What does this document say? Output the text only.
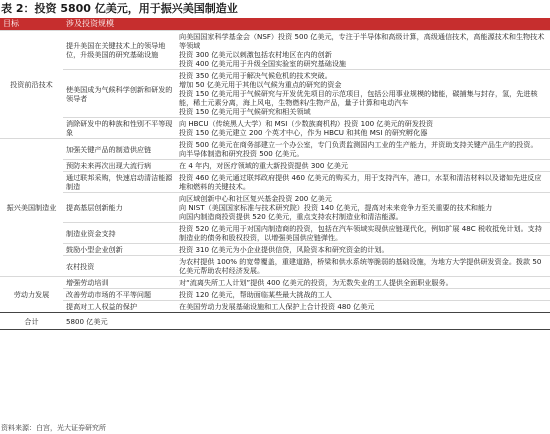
表 2：投资 5800 亿美元，用于振兴美国制造业
目标	涉及投资规模	
投资前沿技术	提升美国在关键技术上的领导地位，升级美国的研究基础设施	向美国国家科学基金会（NSF）投资 500 亿美元，专注于半导体和高级计算，高级通信技术，高能源技术和生物技术等领域
投资 300 亿美元以刺激包括农村地区在内的创新
投资 400 亿美元用于升级全国实验室的研究基础设施
	使美国成为气候科学创新和研发的领导者	投资 350 亿美元用于解决气候危机的技术突破。
增加 50 亿美元用于其他以气候为重点的研究的资金
投资 150 亿美元用于气候研究与开发优先项目的示范项目，包括公用事业规模的储能，碳捕集与封存，氢，先进核能，稀土元素分离，海上风电，生物燃料/生物产品，量子计算和电动汽车
投资 150 亿美元用于气候研究和相关领域
	消除研发中的种族和性别不平等现象	向 HBCU（传统黑人大学）和 MSI（少数族裔机构）投资 100 亿美元的研发投资
投资 150 亿美元建立 200 个英才中心，作为 HBCU 和其他 MSI 的研究孵化器
振兴美国制造业	加强关键产品的制造供应链	投资 500 亿美元在商务部建立一个办公室，专门负责监测国内工业的生产能力，并资助支持关键产品生产的投资。
向半导体制造和研究投资 500 亿美元。
	预防未来再次出现大流行病	在 4 年内，对医疗领域的重大新投资提供 300 亿美元
	通过联邦采购，快速启动清洁能源制造	投资 460 亿美元通过联邦政府提供 460 亿美元的购买力，用于支持汽车，港口，水泵和清洁材料以及诸如先进反应堆和燃料的关键技术。
	提高基层创新能力	向区域创新中心和社区复兴基金投资 200 亿美元
向 NIST（美国国家标准与技术研究院）投资 140 亿美元，提高对未来竞争力至关重要的技术和能力
向国内制造商投资提供 520 亿美元，重点支持农村制造业和清洁能源。
	制造业资金支持	投资 520 亿美元用于对国内制造商的投资，包括在汽车领域实现供应链现代化，例如扩展 48C 税收抵免计划。支持制造业的债务和股权投资，以增强美国供应链弹性。
	鼓励小型企业创新	投资 310 亿美元为小企业提供信贷，风险资本和研究资金的计划。
	农村投资	为农村提供 100% 的宽带覆盖，重建道路，桥梁和供水系统等脆弱的基础设施，为地方大学提供研发资金。拨款 50 亿美元帮助农村经济发展。
劳动力发展	增强劳动培训	对“流离失所工人计划”提供 400 亿美元的投资，为无数失业的工人提供全面职业服务。
	改善劳动市场的不平等问题	投资 120 亿美元，帮助面临某些最大挑战的工人
	提高对工人权益的保护	在美国劳动力发展基础设施和工人保护上合计投资 480 亿美元
合计	5800 亿美元	
资料来源：白宫，光大证券研究所
